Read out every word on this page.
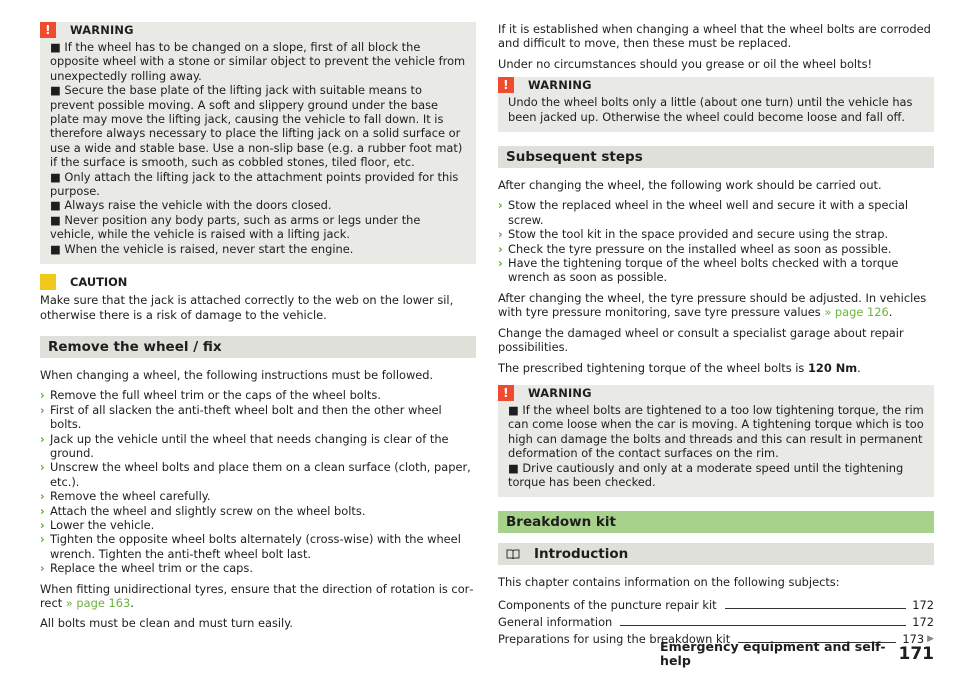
!	WARNING

■ If the wheel has to be changed on a slope, first of all block the opposite wheel with a stone or similar object to prevent the vehicle from unexpectedly rolling away.

■ Secure the base plate of the lifting jack with suitable means to prevent possible moving. A soft and slippery ground under the base plate may move the lifting jack, causing the vehicle to fall down. It is therefore always necessary to place the lifting jack on a solid surface or use a wide and stable base. Use a non-slip base (e.g. a rubber foot mat) if the surface is smooth, such as cobbled stones, tiled floor, etc.

■ Only attach the lifting jack to the attachment points provided for this purpose.

■ Always raise the vehicle with the doors closed.

■ Never position any body parts, such as arms or legs under the vehicle, while the vehicle is raised with a lifting jack.

■ When the vehicle is raised, never start the engine.

CAUTION

Make sure that the jack is attached correctly to the web on the lower sil, otherwise there is a risk of damage to the vehicle.

Remove the wheel / fix

When changing a wheel, the following instructions must be followed.

› Remove the full wheel trim or the caps of the wheel bolts.
› First of all slacken the anti-theft wheel bolt and then the other wheel bolts.
› Jack up the vehicle until the wheel that needs changing is clear of the ground.
› Unscrew the wheel bolts and place them on a clean surface (cloth, paper, etc.).
› Remove the wheel carefully.
› Attach the wheel and slightly screw on the wheel bolts.
› Lower the vehicle.
› Tighten the opposite wheel bolts alternately (cross-wise) with the wheel wrench. Tighten the anti-theft wheel bolt last.
› Replace the wheel trim or the caps.

When fitting unidirectional tyres, ensure that the direction of rotation is correct » page 163.

All bolts must be clean and must turn easily.

If it is established when changing a wheel that the wheel bolts are corroded and difficult to move, then these must be replaced.

Under no circumstances should you grease or oil the wheel bolts!

!	WARNING

Undo the wheel bolts only a little (about one turn) until the vehicle has been jacked up. Otherwise the wheel could become loose and fall off.

Subsequent steps

After changing the wheel, the following work should be carried out.

› Stow the replaced wheel in the wheel well and secure it with a special screw.
› Stow the tool kit in the space provided and secure using the strap.
› Check the tyre pressure on the installed wheel as soon as possible.
› Have the tightening torque of the wheel bolts checked with a torque wrench as soon as possible.

After changing the wheel, the tyre pressure should be adjusted. In vehicles with tyre pressure monitoring, save tyre pressure values » page 126.

Change the damaged wheel or consult a specialist garage about repair possibilities.

The prescribed tightening torque of the wheel bolts is 120 Nm.

!	WARNING

■ If the wheel bolts are tightened to a too low tightening torque, the rim can come loose when the car is moving. A tightening torque which is too high can damage the bolts and threads and this can result in permanent deformation of the contact surfaces on the rim.

■ Drive cautiously and only at a moderate speed until the tightening torque has been checked.

Breakdown kit
Introduction

This chapter contains information on the following subjects:

Components of the puncture repair kit	172
General information	172
Preparations for using the breakdown kit	173 ▶
Emergency equipment and self-help	171
